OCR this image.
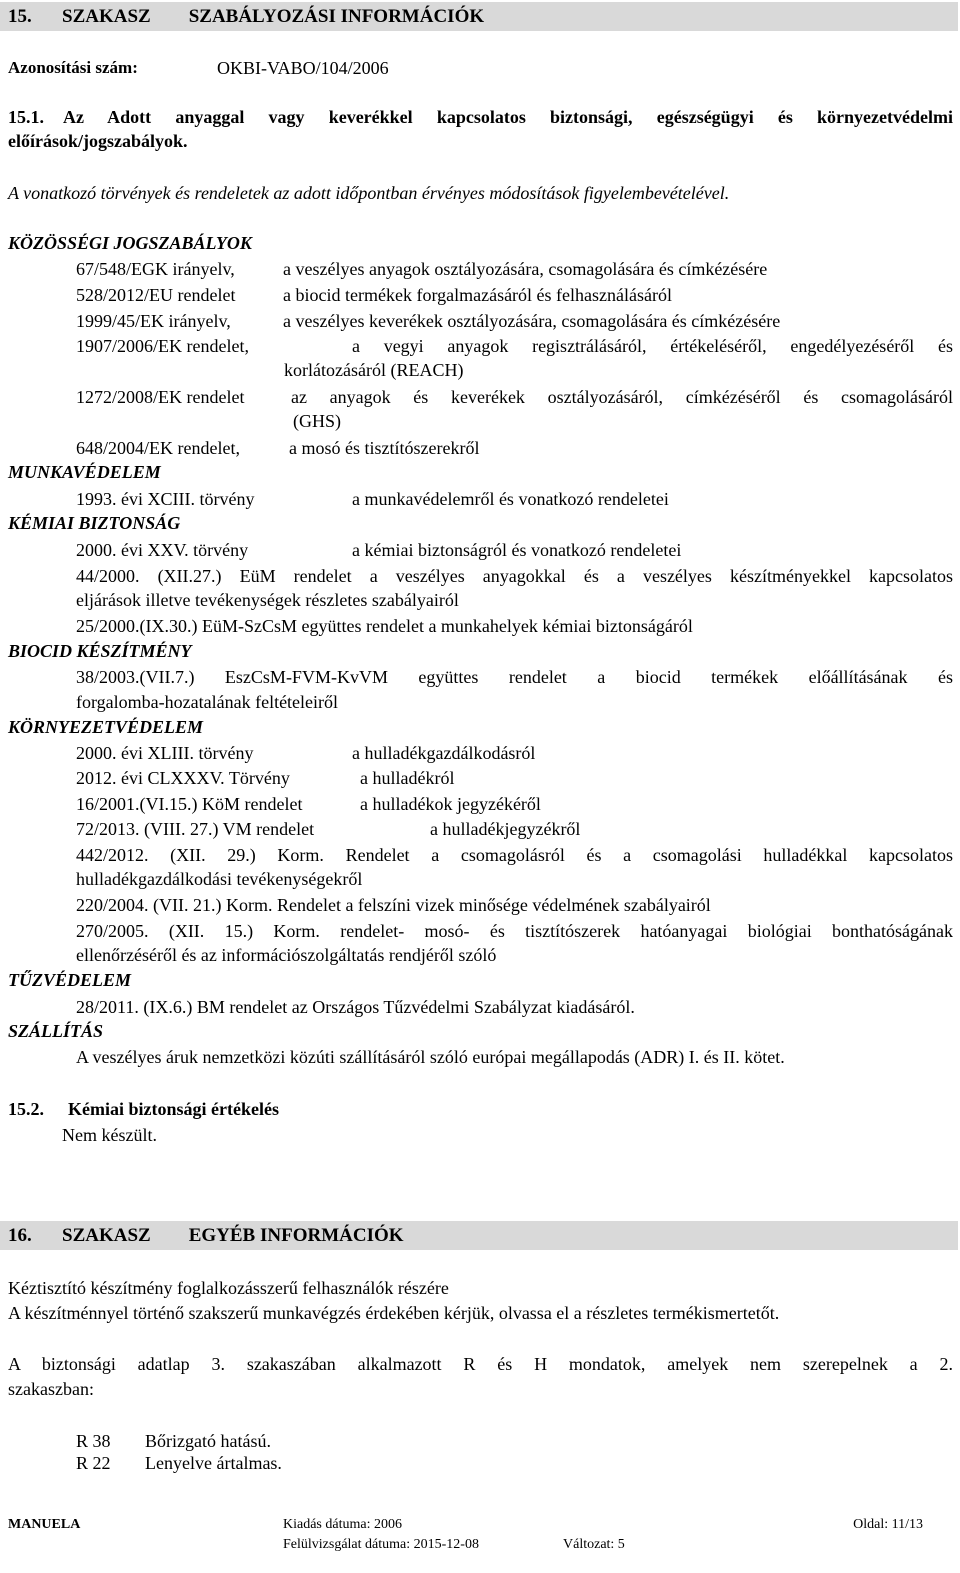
15. SZAKASZ  SZABÁLYOZÁSI INFORMÁCIÓK
Azonosítási szám:	OKBI-VABO/104/2006
15.1. Az Adott anyaggal vagy keverékkel kapcsolatos biztonsági, egészségügyi és környezetvédelmi
előírások/jogszabályok.
A vonatkozó törvények és rendeletek az adott időpontban érvényes módosítások figyelembevételével.
KÖZÖSSÉGI JOGSZABÁLYOK
67/548/EGK irányelv,	a veszélyes anyagok osztályozására, csomagolására és címkézésére
528/2012/EU rendelet	a biocid termékek forgalmazásáról és felhasználásáról
1999/45/EK irányelv,	a veszélyes keverékek osztályozására, csomagolására és címkézésére
1907/2006/EK rendelet,	a vegyi anyagok regisztrálásáról, értékeléséről, engedélyezéséről és
korlátozásáról (REACH)
1272/2008/EK rendelet	az anyagok és keverékek osztályozásáról, címkézéséről és csomagolásáról
(GHS)
648/2004/EK rendelet,	a mosó és tisztítószerekről
MUNKAVÉDELEM
1993. évi XCIII. törvény	a munkavédelemről és vonatkozó rendeletei
KÉMIAI BIZTONSÁG
2000. évi XXV. törvény	a kémiai biztonságról és vonatkozó rendeletei
44/2000. (XII.27.) EüM rendelet a veszélyes anyagokkal és a veszélyes készítményekkel kapcsolatos
eljárások illetve tevékenységek részletes szabályairól
25/2000.(IX.30.) EüM-SzCsM együttes rendelet a munkahelyek kémiai biztonságáról
BIOCID KÉSZÍTMÉNY
38/2003.(VII.7.) EszCsM-FVM-KvVM együttes rendelet a biocid termékek előállításának és
forgalomba-hozatalának feltételeiről
KÖRNYEZETVÉDELEM
2000. évi XLIII. törvény	a hulladékgazdálkodásról
2012. évi CLXXXV. Törvény	a hulladékról
16/2001.(VI.15.) KöM rendelet	a hulladékok jegyzékéről
72/2013. (VIII. 27.) VM rendelet	a hulladékjegyzékről
442/2012. (XII. 29.) Korm. Rendelet a csomagolásról és a csomagolási hulladékkal kapcsolatos
hulladékgazdálkodási tevékenységekről
220/2004. (VII. 21.) Korm. Rendelet a felszíni vizek minősége védelmének szabályairól
270/2005. (XII. 15.) Korm. rendelet- mosó- és tisztítószerek hatóanyagai biológiai bonthatóságának
ellenőrzéséről és az információszolgáltatás rendjéről szóló
TŰZVÉDELEM
28/2011. (IX.6.) BM rendelet az Országos Tűzvédelmi Szabályzat kiadásáról.
SZÁLLÍTÁS
A veszélyes áruk nemzetközi közúti szállításáról szóló európai megállapodás (ADR) I. és II. kötet.
15.2. Kémiai biztonsági értékelés
Nem készült.
16. SZAKASZ  EGYÉB INFORMÁCIÓK
Kéztisztító készítmény foglalkozásszerű felhasználók részére
A készítménnyel történő szakszerű munkavégzés érdekében kérjük, olvassa el a részletes termékismertetőt.
A biztonsági adatlap 3. szakaszában alkalmazott R és H mondatok, amelyek nem szerepelnek a 2.
szakaszban:
R 38 Bőrizgató hatású.
R 22 Lenyelve ártalmas.
MANUELA	Kiadás dátuma: 2006
Felülvizsgálat dátuma: 2015-12-08	Változat: 5
Oldal: 11/13
